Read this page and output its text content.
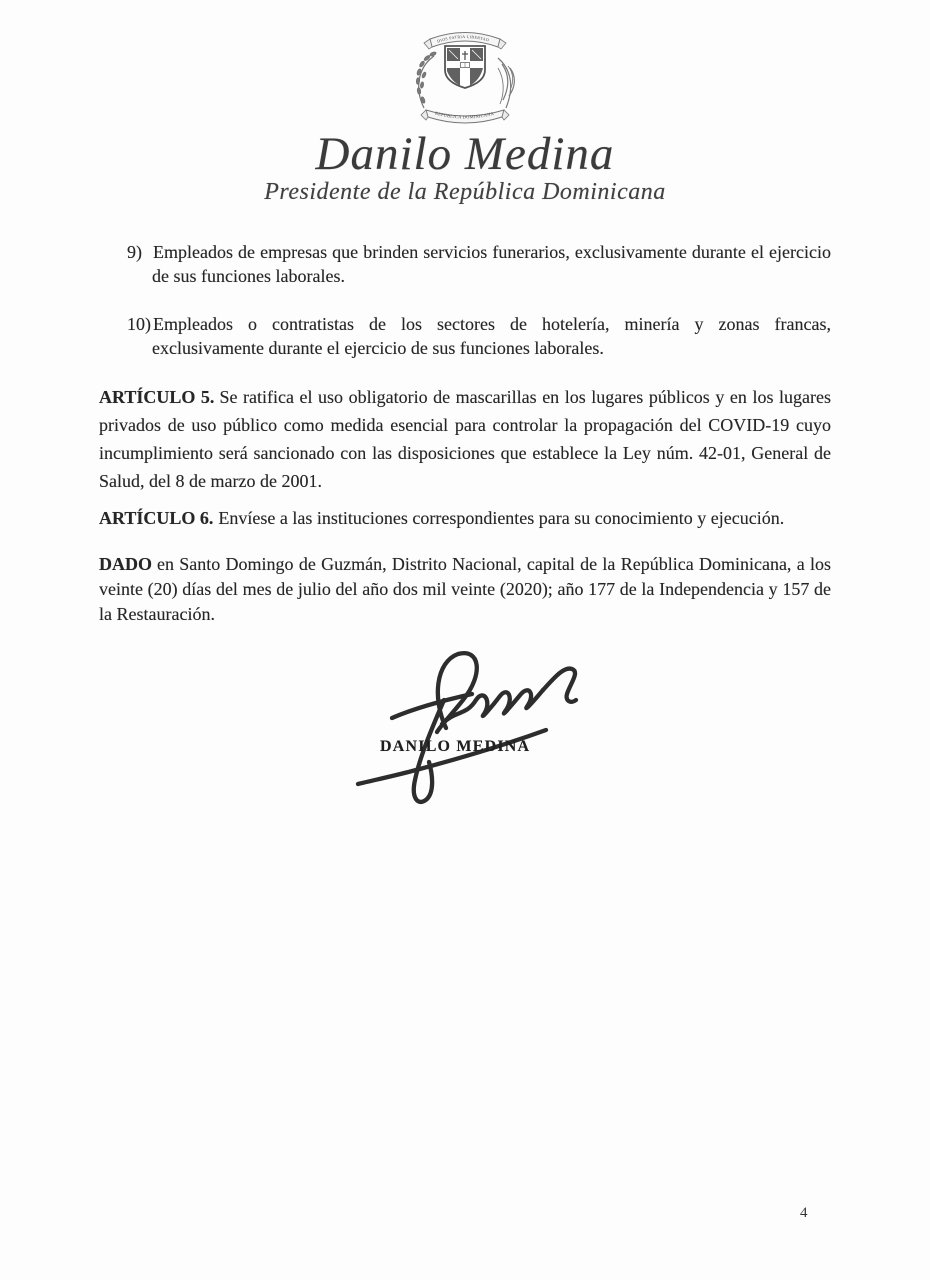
DIOS PATRIA LIBERTAD
REPÚBLICA DOMINICANA
Danilo Medina
Presidente de la República Dominicana
9) Empleados de empresas que brinden servicios funerarios, exclusivamente durante el ejercicio de sus funciones laborales.
10) Empleados o contratistas de los sectores de hotelería, minería y zonas francas, exclusivamente durante el ejercicio de sus funciones laborales.

ARTÍCULO 5. Se ratifica el uso obligatorio de mascarillas en los lugares públicos y en los lugares privados de uso público como medida esencial para controlar la propagación del COVID-19 cuyo incumplimiento será sancionado con las disposiciones que establece la Ley núm. 42-01, General de Salud, del 8 de marzo de 2001.

ARTÍCULO 6. Envíese a las instituciones correspondientes para su conocimiento y ejecución.

DADO en Santo Domingo de Guzmán, Distrito Nacional, capital de la República Dominicana, a los veinte (20) días del mes de julio del año dos mil veinte (2020); año 177 de la Independencia y 157 de la Restauración.

DANILO MEDINA
4
